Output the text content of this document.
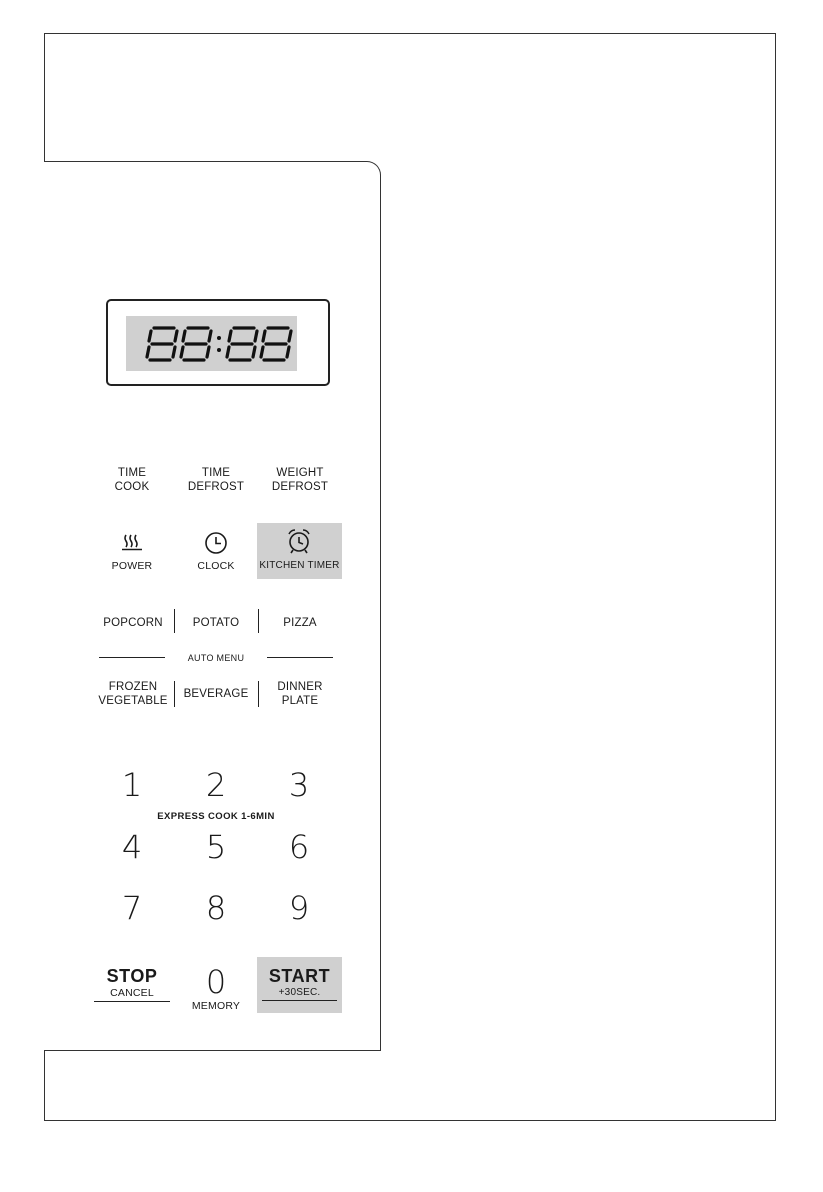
TIME
COOK
TIME
DEFROST
WEIGHT
DEFROST
POWER	CLOCK	KITCHEN TIMER
POPCORN	POTATO	PIZZA
AUTO MENU
FROZEN
VEGETABLE
BEVERAGE
DINNER
PLATE
1	2	3
EXPRESS COOK 1-6MIN
4	5	6
7	8	9
STOP
CANCEL	0
MEMORY
START
+30SEC.
